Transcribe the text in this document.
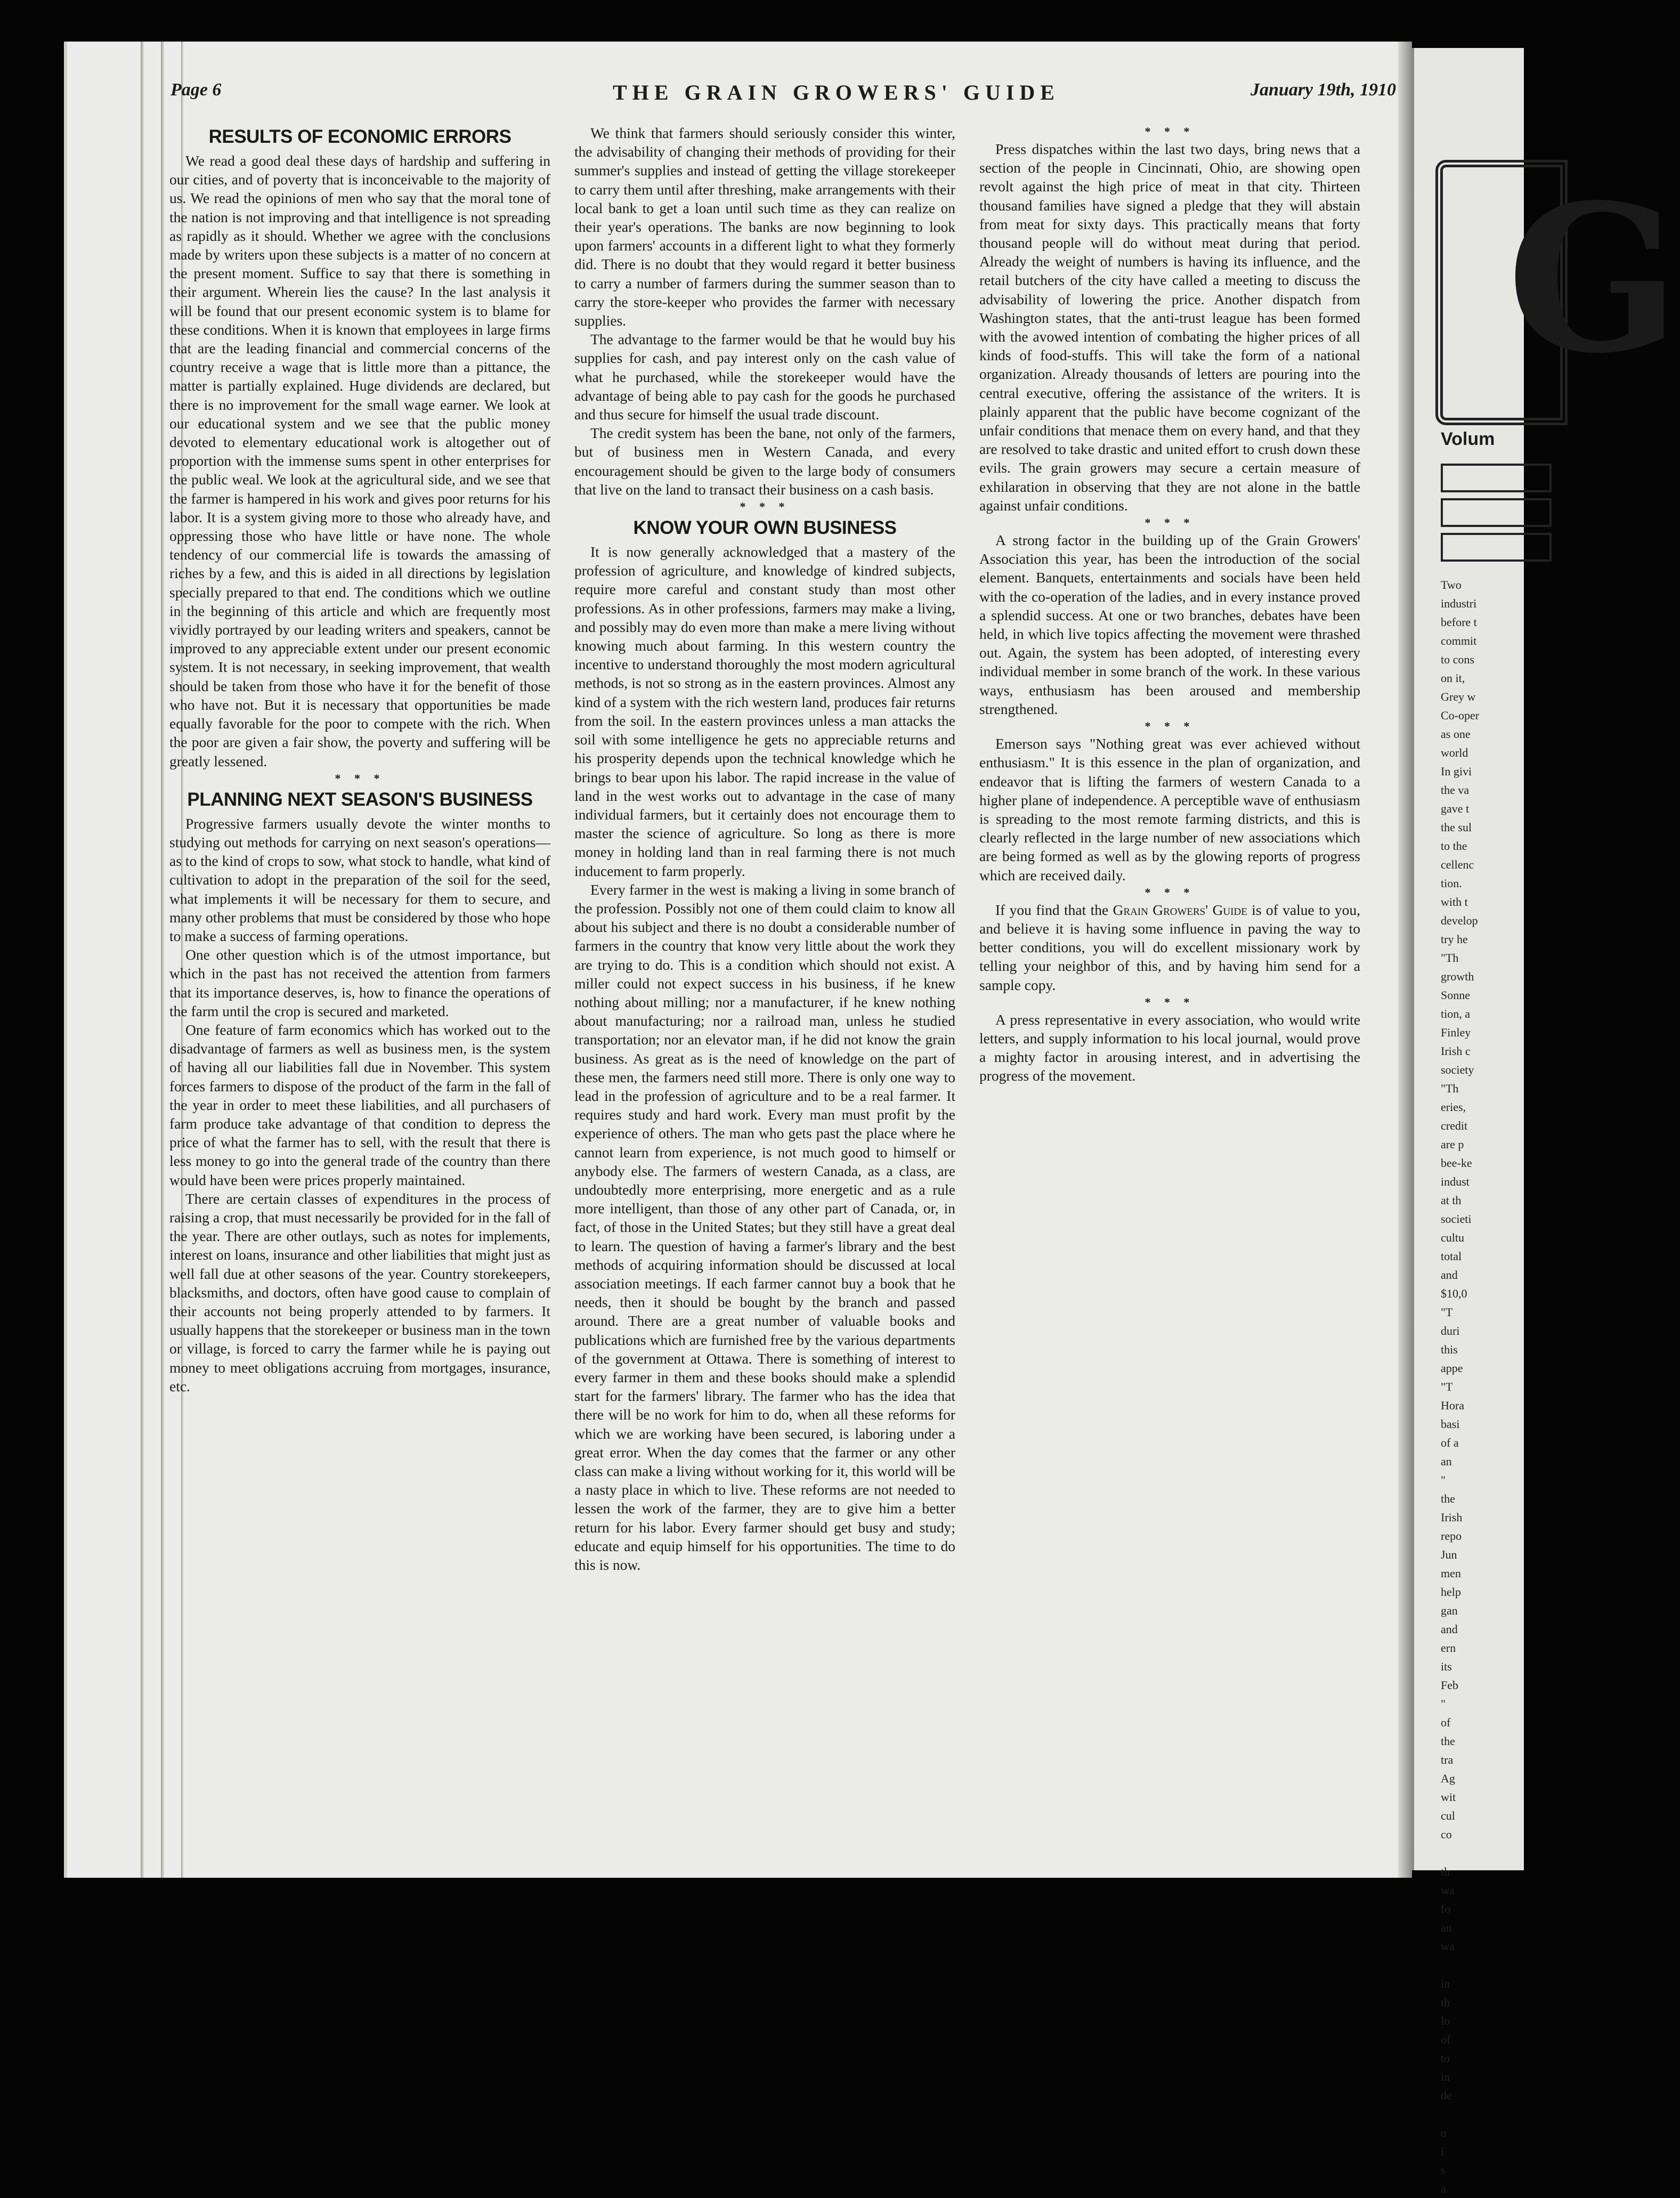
Page 6	THE GRAIN GROWERS' GUIDE	January 19th, 1910
RESULTS OF ECONOMIC ERRORS

We read a good deal these days of hardship and suffering in our cities, and of poverty that is inconceivable to the majority of us. We read the opinions of men who say that the moral tone of the nation is not improving and that intelligence is not spreading as rapidly as it should. Whether we agree with the conclusions made by writers upon these subjects is a matter of no concern at the present moment. Suffice to say that there is something in their argument. Wherein lies the cause? In the last analysis it will be found that our present economic system is to blame for these conditions. When it is known that employees in large firms that are the leading financial and commercial concerns of the country receive a wage that is little more than a pittance, the matter is partially explained. Huge dividends are declared, but there is no improvement for the small wage earner. We look at our educational system and we see that the public money devoted to elementary educational work is altogether out of proportion with the immense sums spent in other enterprises for the public weal. We look at the agricultural side, and we see that the farmer is hampered in his work and gives poor returns for his labor. It is a system giving more to those who already have, and oppressing those who have little or have none. The whole tendency of our commercial life is towards the amassing of riches by a few, and this is aided in all directions by legislation specially prepared to that end. The conditions which we outline in the beginning of this article and which are frequently most vividly portrayed by our leading writers and speakers, cannot be improved to any appreciable extent under our present economic system. It is not necessary, in seeking improvement, that wealth should be taken from those who have it for the benefit of those who have not. But it is necessary that opportunities be made equally favorable for the poor to compete with the rich. When the poor are given a fair show, the poverty and suffering will be greatly lessened.

* * *
PLANNING NEXT SEASON'S BUSINESS

Progressive farmers usually devote the winter months to studying out methods for carrying on next season's operations—as to the kind of crops to sow, what stock to handle, what kind of cultivation to adopt in the preparation of the soil for the seed, what implements it will be necessary for them to secure, and many other problems that must be considered by those who hope to make a success of farming operations.

One other question which is of the utmost importance, but which in the past has not received the attention from farmers that its importance deserves, is, how to finance the operations of the farm until the crop is secured and marketed.

One feature of farm economics which has worked out to the disadvantage of farmers as well as business men, is the system of having all our liabilities fall due in November. This system forces farmers to dispose of the product of the farm in the fall of the year in order to meet these liabilities, and all purchasers of farm produce take advantage of that condition to depress the price of what the farmer has to sell, with the result that there is less money to go into the general trade of the country than there would have been were prices properly maintained.

There are certain classes of expenditures in the process of raising a crop, that must necessarily be provided for in the fall of the year. There are other outlays, such as notes for implements, interest on loans, insurance and other liabilities that might just as well fall due at other seasons of the year. Country storekeepers, blacksmiths, and doctors, often have good cause to complain of their accounts not being properly attended to by farmers. It usually happens that the storekeeper or business man in the town or village, is forced to carry the farmer while he is paying out money to meet obligations accruing from mortgages, insurance, etc.

We think that farmers should seriously consider this winter, the advisability of changing their methods of providing for their summer's supplies and instead of getting the village storekeeper to carry them until after threshing, make arrangements with their local bank to get a loan until such time as they can realize on their year's operations. The banks are now beginning to look upon farmers' accounts in a different light to what they formerly did. There is no doubt that they would regard it better business to carry a number of farmers during the summer season than to carry the store-keeper who provides the farmer with necessary supplies.

The advantage to the farmer would be that he would buy his supplies for cash, and pay interest only on the cash value of what he purchased, while the storekeeper would have the advantage of being able to pay cash for the goods he purchased and thus secure for himself the usual trade discount.

The credit system has been the bane, not only of the farmers, but of business men in Western Canada, and every encouragement should be given to the large body of consumers that live on the land to transact their business on a cash basis.

* * *
KNOW YOUR OWN BUSINESS

It is now generally acknowledged that a mastery of the profession of agriculture, and knowledge of kindred subjects, require more careful and constant study than most other professions. As in other professions, farmers may make a living, and possibly may do even more than make a mere living without knowing much about farming. In this western country the incentive to understand thoroughly the most modern agricultural methods, is not so strong as in the eastern provinces. Almost any kind of a system with the rich western land, produces fair returns from the soil. In the eastern provinces unless a man attacks the soil with some intelligence he gets no appreciable returns and his prosperity depends upon the technical knowledge which he brings to bear upon his labor. The rapid increase in the value of land in the west works out to advantage in the case of many individual farmers, but it certainly does not encourage them to master the science of agriculture. So long as there is more money in holding land than in real farming there is not much inducement to farm properly.

Every farmer in the west is making a living in some branch of the profession. Possibly not one of them could claim to know all about his subject and there is no doubt a considerable number of farmers in the country that know very little about the work they are trying to do. This is a condition which should not exist. A miller could not expect success in his business, if he knew nothing about milling; nor a manufacturer, if he knew nothing about manufacturing; nor a railroad man, unless he studied transportation; nor an elevator man, if he did not know the grain business. As great as is the need of knowledge on the part of these men, the farmers need still more. There is only one way to lead in the profession of agriculture and to be a real farmer. It requires study and hard work. Every man must profit by the experience of others. The man who gets past the place where he cannot learn from experience, is not much good to himself or anybody else. The farmers of western Canada, as a class, are undoubtedly more enterprising, more energetic and as a rule more intelligent, than those of any other part of Canada, or, in fact, of those in the United States; but they still have a great deal to learn. The question of having a farmer's library and the best methods of acquiring information should be discussed at local association meetings. If each farmer cannot buy a book that he needs, then it should be bought by the branch and passed around. There are a great number of valuable books and publications which are furnished free by the various departments of the government at Ottawa. There is something of interest to every farmer in them and these books should make a splendid start for the farmers' library. The farmer who has the idea that there will be no work for him to do, when all these reforms for which we are working have been secured, is laboring under a great error. When the day comes that the farmer or any other class can make a living without working for it, this world will be a nasty place in which to live. These reforms are not needed to lessen the work of the farmer, they are to give him a better return for his labor. Every farmer should get busy and study; educate and equip himself for his opportunities. The time to do this is now.

* * *

Press dispatches within the last two days, bring news that a section of the people in Cincinnati, Ohio, are showing open revolt against the high price of meat in that city. Thirteen thousand families have signed a pledge that they will abstain from meat for sixty days. This practically means that forty thousand people will do without meat during that period. Already the weight of numbers is having its influence, and the retail butchers of the city have called a meeting to discuss the advisability of lowering the price. Another dispatch from Washington states, that the anti-trust league has been formed with the avowed intention of combating the higher prices of all kinds of food-stuffs. This will take the form of a national organization. Already thousands of letters are pouring into the central executive, offering the assistance of the writers. It is plainly apparent that the public have become cognizant of the unfair conditions that menace them on every hand, and that they are resolved to take drastic and united effort to crush down these evils. The grain growers may secure a certain measure of exhilaration in observing that they are not alone in the battle against unfair conditions.

* * *

A strong factor in the building up of the Grain Growers' Association this year, has been the introduction of the social element. Banquets, entertainments and socials have been held with the co-operation of the ladies, and in every instance proved a splendid success. At one or two branches, debates have been held, in which live topics affecting the movement were thrashed out. Again, the system has been adopted, of interesting every individual member in some branch of the work. In these various ways, enthusiasm has been aroused and membership strengthened.

* * *

Emerson says "Nothing great was ever achieved without enthusiasm." It is this essence in the plan of organization, and endeavor that is lifting the farmers of western Canada to a higher plane of independence. A perceptible wave of enthusiasm is spreading to the most remote farming districts, and this is clearly reflected in the large number of new associations which are being formed as well as by the glowing reports of progress which are received daily.

* * *

If you find that the Grain Growers' Guide is of value to you, and believe it is having some influence in paving the way to better conditions, you will do excellent missionary work by telling your neighbor of this, and by having him send for a sample copy.

* * *

A press representative in every association, who would write letters, and supply information to his local journal, would prove a mighty factor in arousing interest, and in advertising the progress of the movement.

G
Volum
Two
industri
before t
commit
to cons
on it,
Grey w
Co-oper
as one
world
In givi
the va
gave t
the sul
to the
cellenc
tion.
with t
develop
try he
"Th
growth
Sonne
tion, a
Finley
Irish c
society
"Th
eries,
credit
are p
bee-ke
indust
at th
societi
cultu
total
and
$10,0
"T
duri
this
appe
"T
Hora
basi
of a
an
"
the
Irish
repo
Jun
men
help
gan
and
ern
its
Feb
"
of
the
tra
Ag
wit
cul
co

th
wa
fo
an
wa

in
th
lo
of
to
in
de

o
i
s
a
